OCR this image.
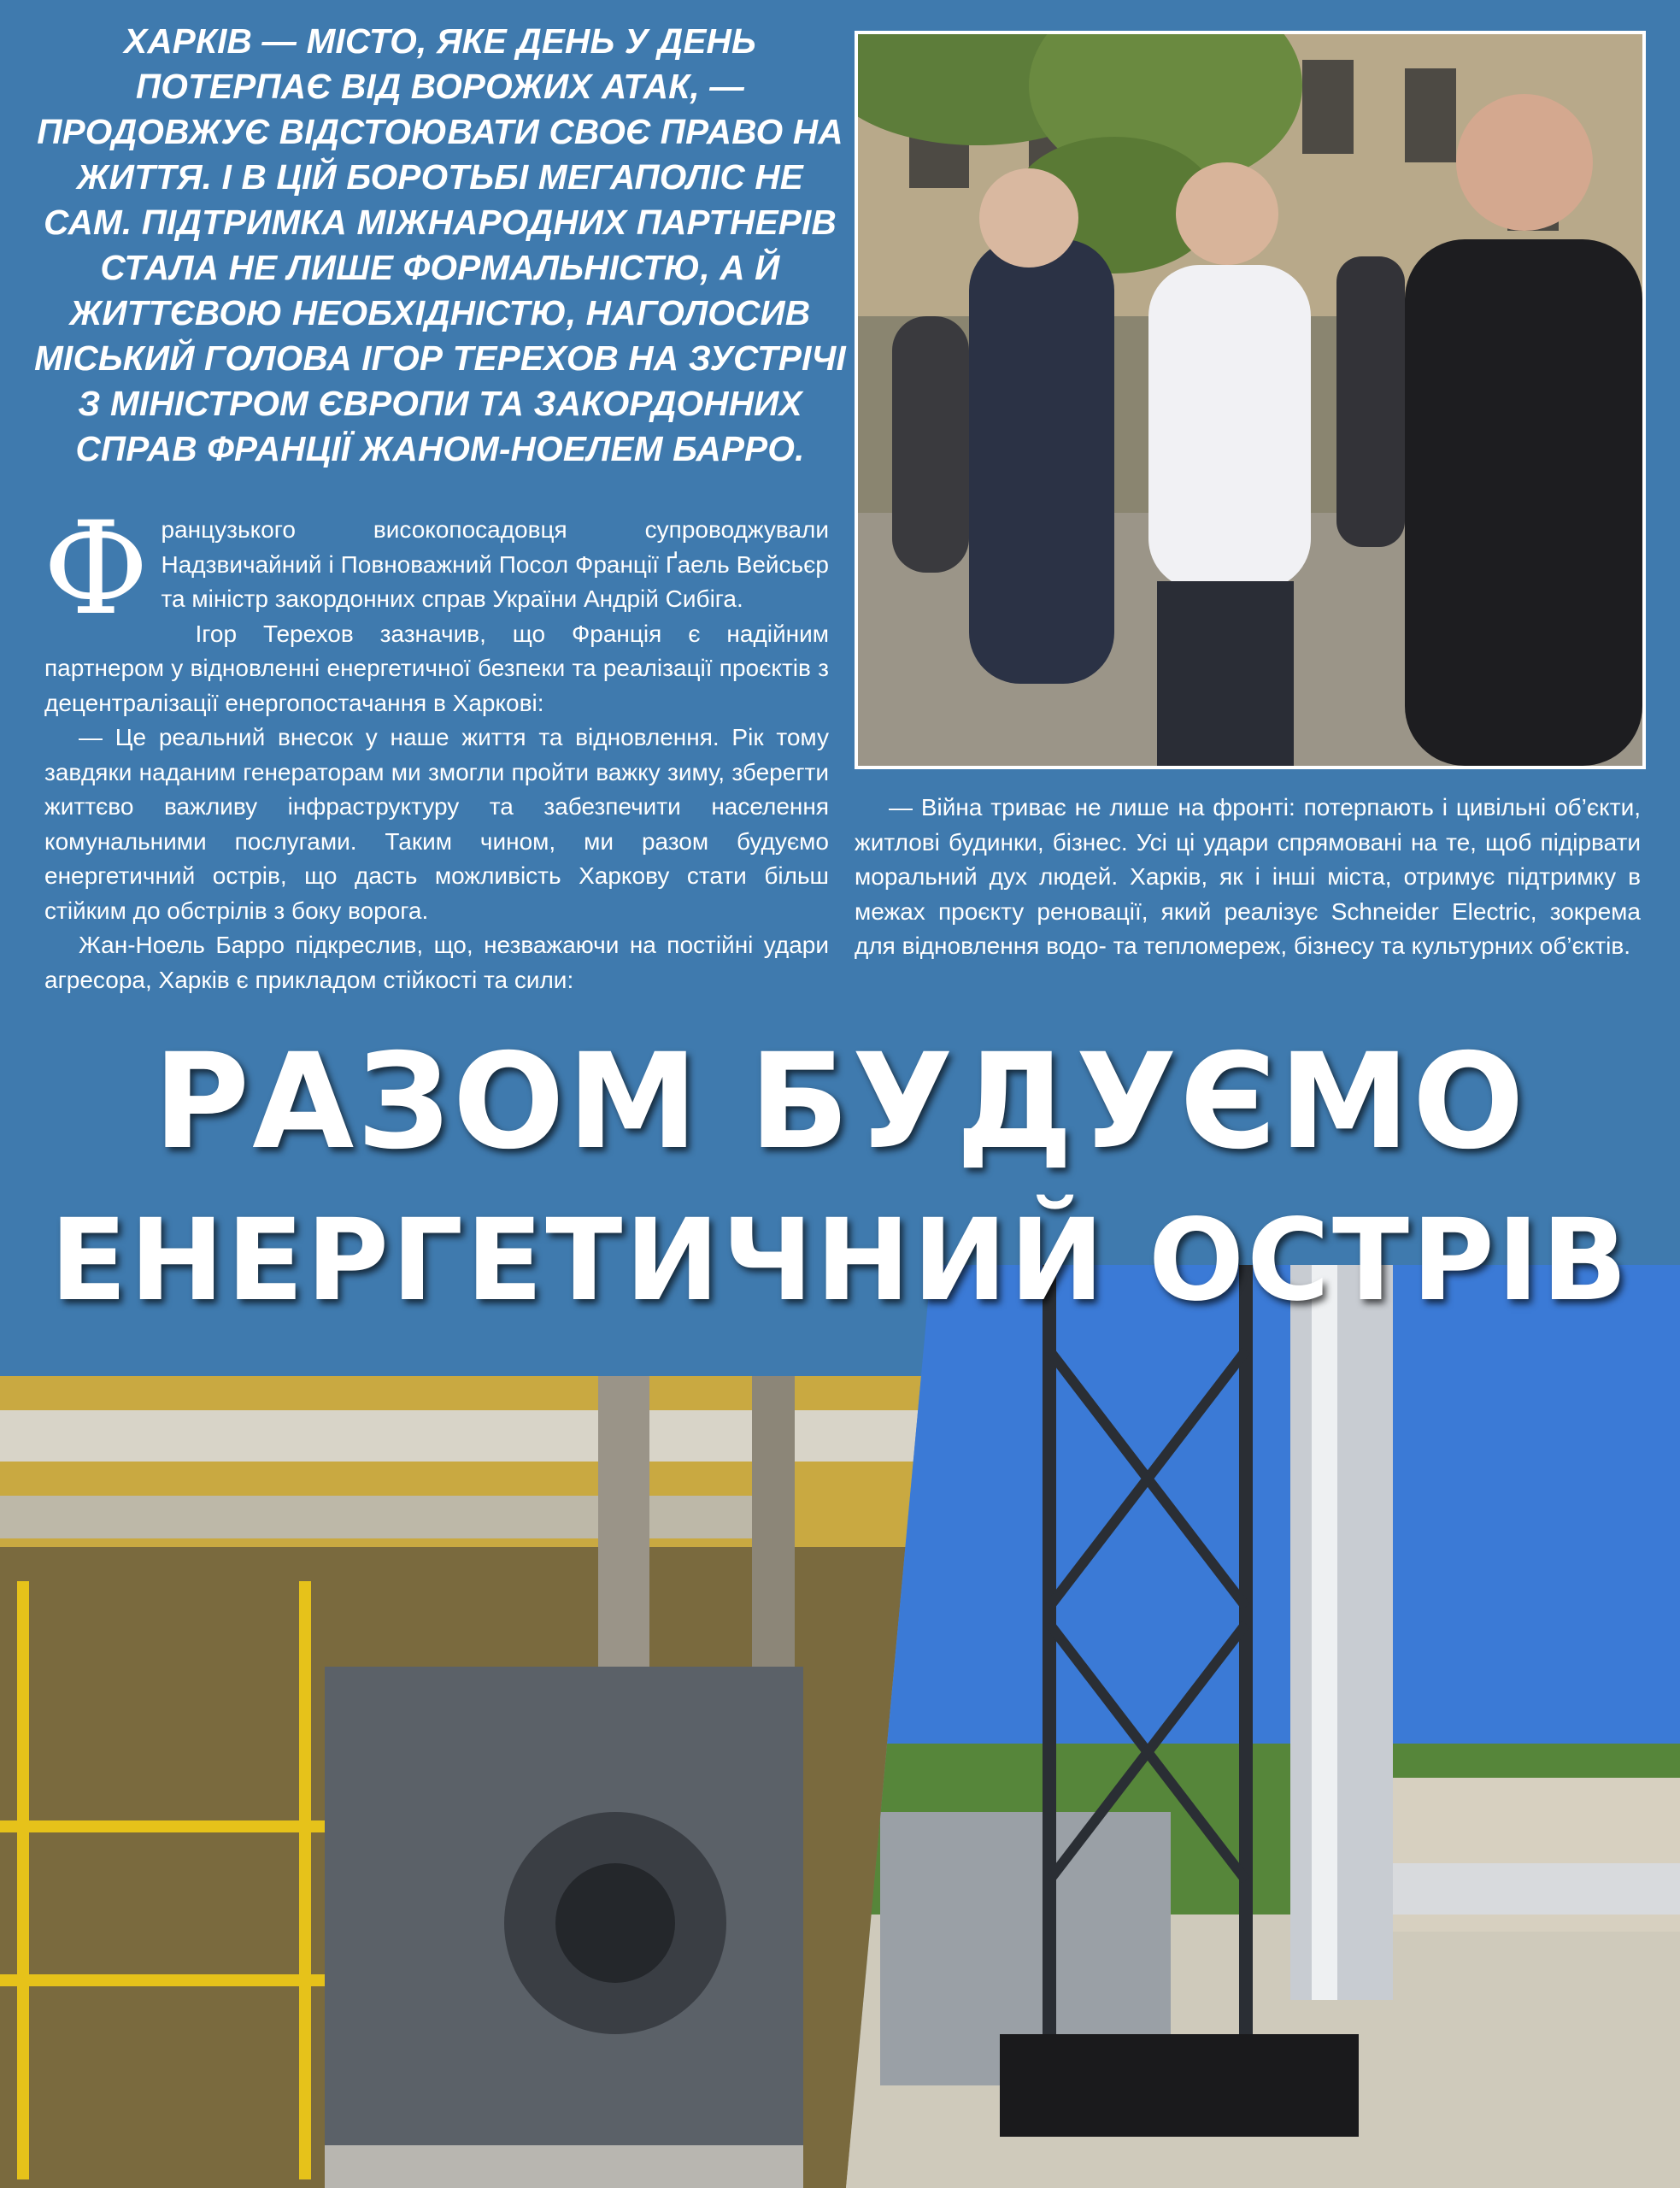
ХАРКІВ — МІСТО, ЯКЕ ДЕНЬ У ДЕНЬ ПОТЕРПАЄ ВІД ВОРОЖИХ АТАК, — ПРОДОВЖУЄ ВІДСТОЮВАТИ СВОЄ ПРАВО НА ЖИТТЯ. І В ЦІЙ БОРОТЬБІ МЕГАПОЛІС НЕ САМ. ПІДТРИМКА МІЖНАРОДНИХ ПАРТНЕРІВ СТАЛА НЕ ЛИШЕ ФОРМАЛЬНІСТЮ, А Й ЖИТТЄВОЮ НЕОБХІДНІСТЮ, НАГОЛОСИВ МІСЬКИЙ ГОЛОВА ІГОР ТЕРЕХОВ НА ЗУСТРІЧІ З МІНІСТРОМ ЄВРОПИ ТА ЗАКОРДОННИХ СПРАВ ФРАНЦІЇ ЖАНОМ-НОЕЛЕМ БАРРО.

Ф ранцузького високопосадовця супроводжували Надзвичайний і Повноважний Посол Франції Ґаель Вейсьєр та міністр закордонних справ України Андрій Сибіга.

Ігор Терехов зазначив, що Франція є надійним партнером у відновленні енергетичної безпеки та реалізації проєктів з децентралізації енергопостачання в Харкові:

— Це реальний внесок у наше життя та відновлення. Рік тому завдяки наданим генераторам ми змогли пройти важку зиму, зберегти життєво важливу інфраструктуру та забезпечити населення комунальними послугами. Таким чином, ми разом будуємо енергетичний острів, що дасть можливість Харкову стати більш стійким до обстрілів з боку ворога.

Жан-Ноель Барро підкреслив, що, незважаючи на постійні удари агресора, Харків є прикладом стійкості та сили:

— Війна триває не лише на фронті: потерпають і цивільні об’єкти, житлові будинки, бізнес. Усі ці удари спрямовані на те, щоб підірвати моральний дух людей. Харків, як і інші міста, отримує підтримку в межах проєкту реновації, який реалізує Schneider Electric, зокрема для відновлення водо- та тепломереж, бізнесу та культурних об’єктів.

РАЗОМ БУДУЄМО
ЕНЕРГЕТИЧНИЙ ОСТРІВ
